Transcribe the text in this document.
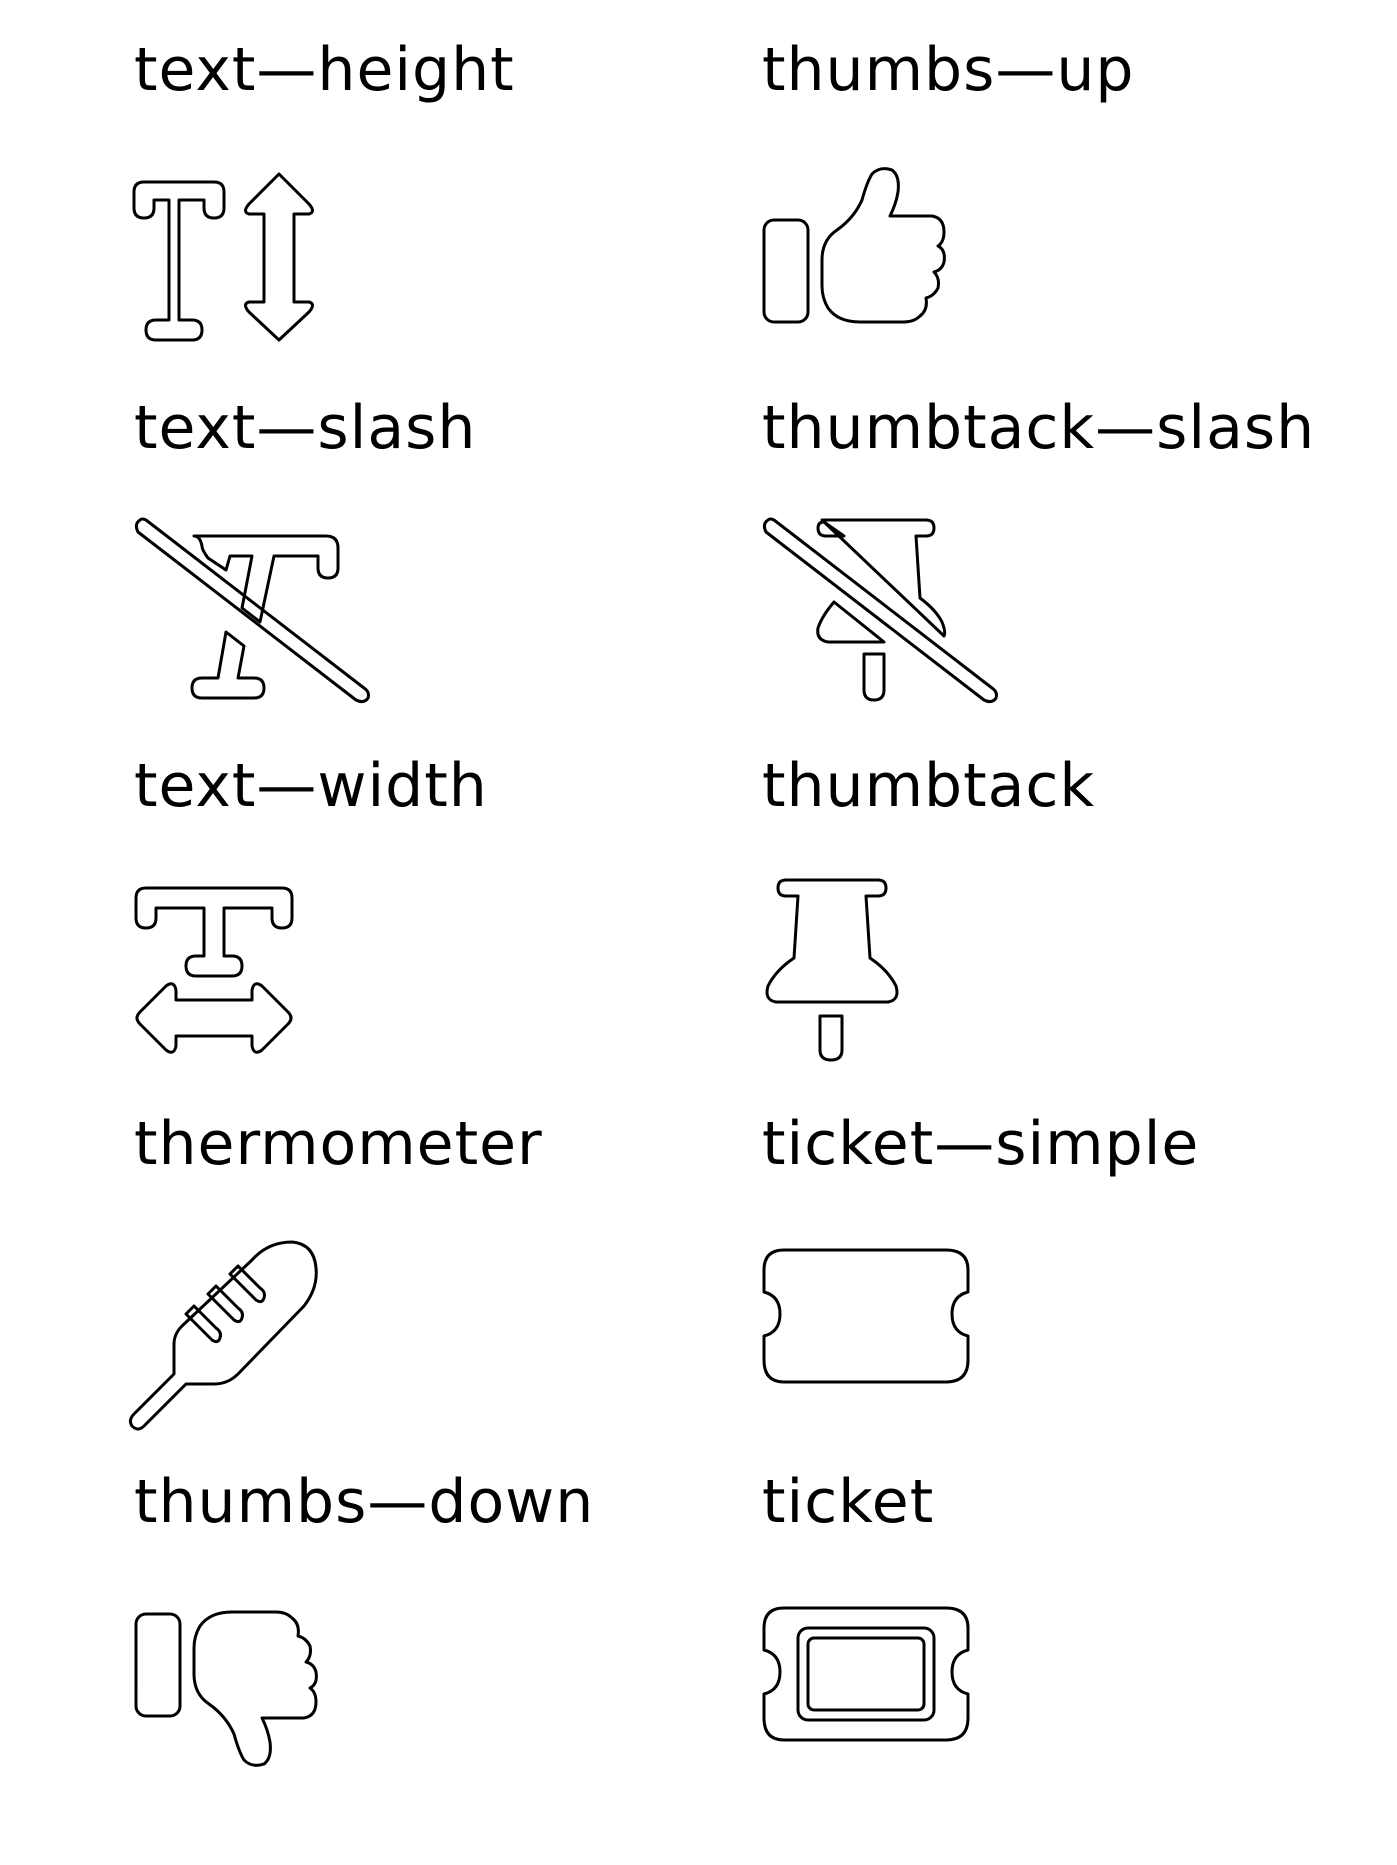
text—height	thumbs—up
text—slash	thumbtack—slash
text—width	thumbtack
thermometer	ticket—simple
thumbs—down	ticket
